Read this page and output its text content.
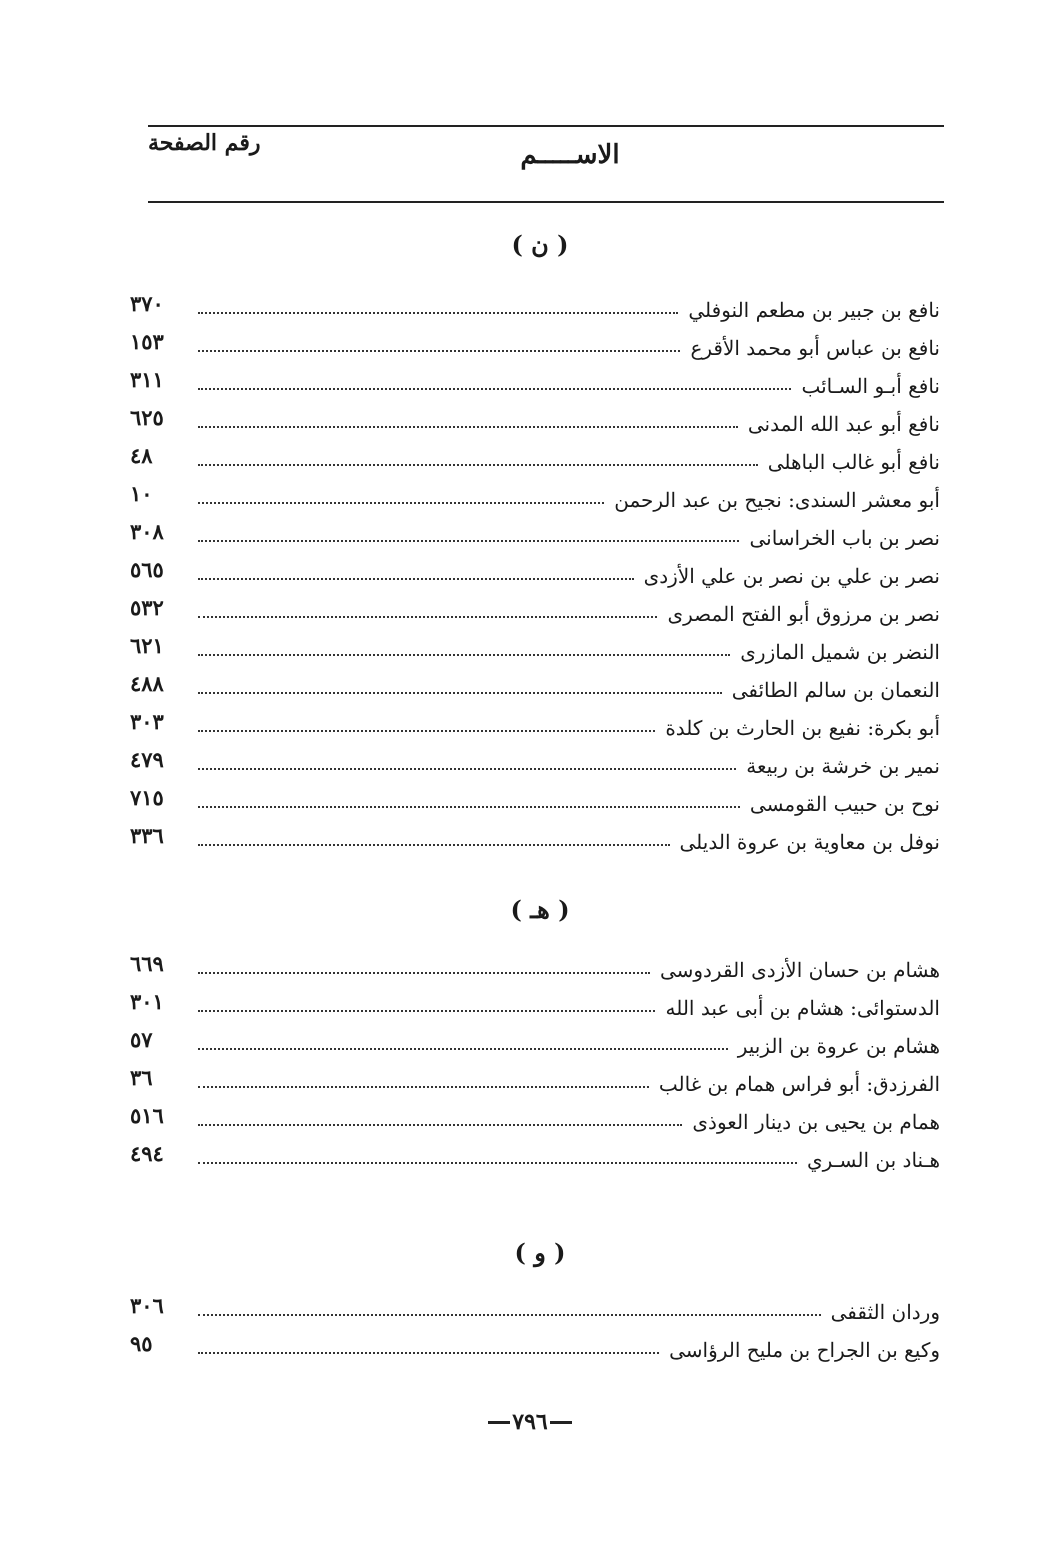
رقم الصفحة	الاســـــم
( ن )
٣٧٠	نافع بن جبير بن مطعم النوفلي
١٥٣	نافع بن عباس أبو محمد الأقرع
٣١١	نافع أبـو السـائب
٦٢٥	نافع أبو عبد الله المدنى
٤٨	نافع أبو غالب الباهلى
١٠	أبو معشر السندى: نجيح بن عبد الرحمن
٣٠٨	نصر بن باب الخراسانى
٥٦٥	نصر بن علي بن نصر بن علي الأزدى
٥٣٢	نصر بن مرزوق أبو الفتح المصرى
٦٢١	النضر بن شميل المازرى
٤٨٨	النعمان بن سالم الطائفى
٣٠٣	أبو بكرة: نفيع بن الحارث بن كلدة
٤٧٩	نمير بن خرشة بن ربيعة
٧١٥	نوح بن حبيب القومسى
٣٣٦	نوفل بن معاوية بن عروة الديلى
( هـ )
٦٦٩	هشام بن حسان الأزدى القردوسى
٣٠١	الدستوائى: هشام بن أبى عبد الله
٥٧	هشام بن عروة بن الزبير
٣٦	الفرزدق: أبو فراس همام بن غالب
٥١٦	همام بن يحيى بن دينار العوذى
٤٩٤	هـناد بن السـري
( و )
٣٠٦	وردان الثقفى
٩٥	وكيع بن الجراح بن مليح الرؤاسى
٧٩٦
